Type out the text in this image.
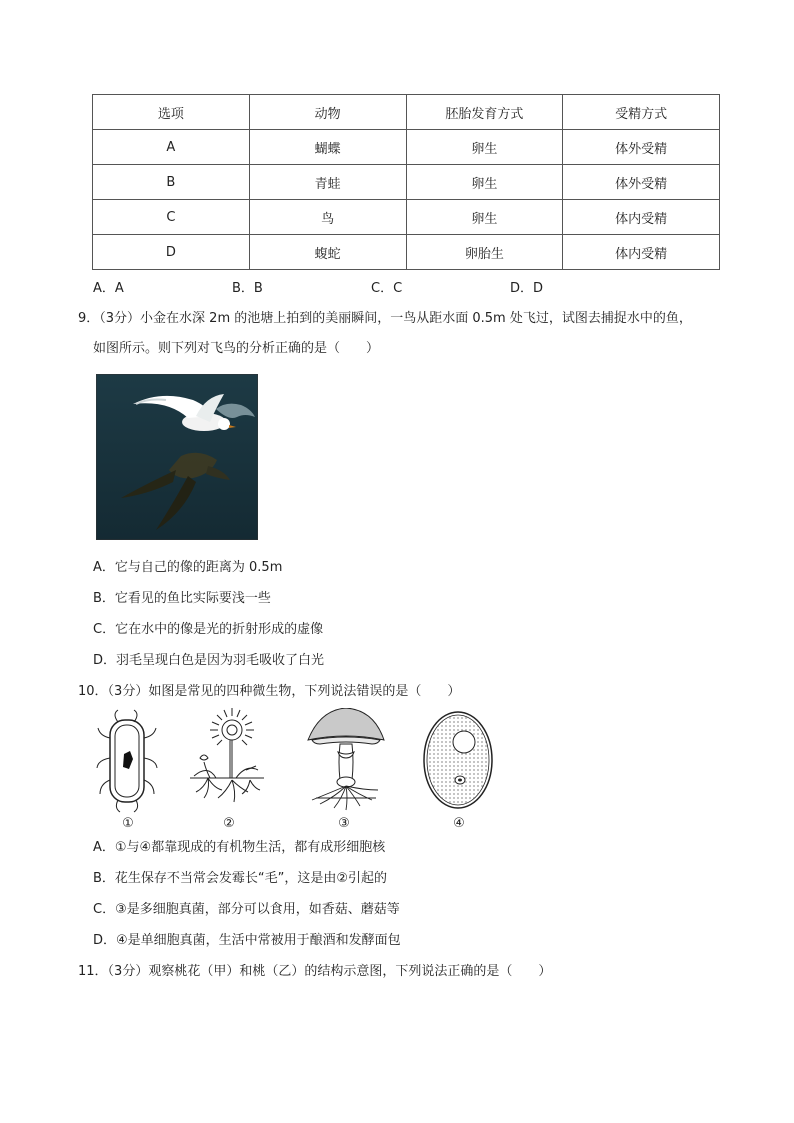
选项	动物	胚胎发育方式	受精方式
A	蝴蝶	卵生	体外受精
B	青蛙	卵生	体外受精
C	鸟	卵生	体内受精
D	蝮蛇	卵胎生	体内受精
A．A	B．B	C．C	D．D
9．（3分）小金在水深 2m 的池塘上拍到的美丽瞬间，一鸟从距水面 0.5m 处飞过，试图去捕捉水中的鱼，
如图所示。则下列对飞鸟的分析正确的是（　　）
A．它与自己的像的距离为 0.5m
B．它看见的鱼比实际要浅一些
C．它在水中的像是光的折射形成的虚像
D．羽毛呈现白色是因为羽毛吸收了白光
10．（3分）如图是常见的四种微生物，下列说法错误的是（　　）
①	②	③	④
A．①与④都靠现成的有机物生活，都有成形细胞核
B．花生保存不当常会发霉长“毛”，这是由②引起的
C．③是多细胞真菌，部分可以食用，如香菇、蘑菇等
D．④是单细胞真菌，生活中常被用于酿酒和发酵面包
11．（3分）观察桃花（甲）和桃（乙）的结构示意图，下列说法正确的是（　　）
